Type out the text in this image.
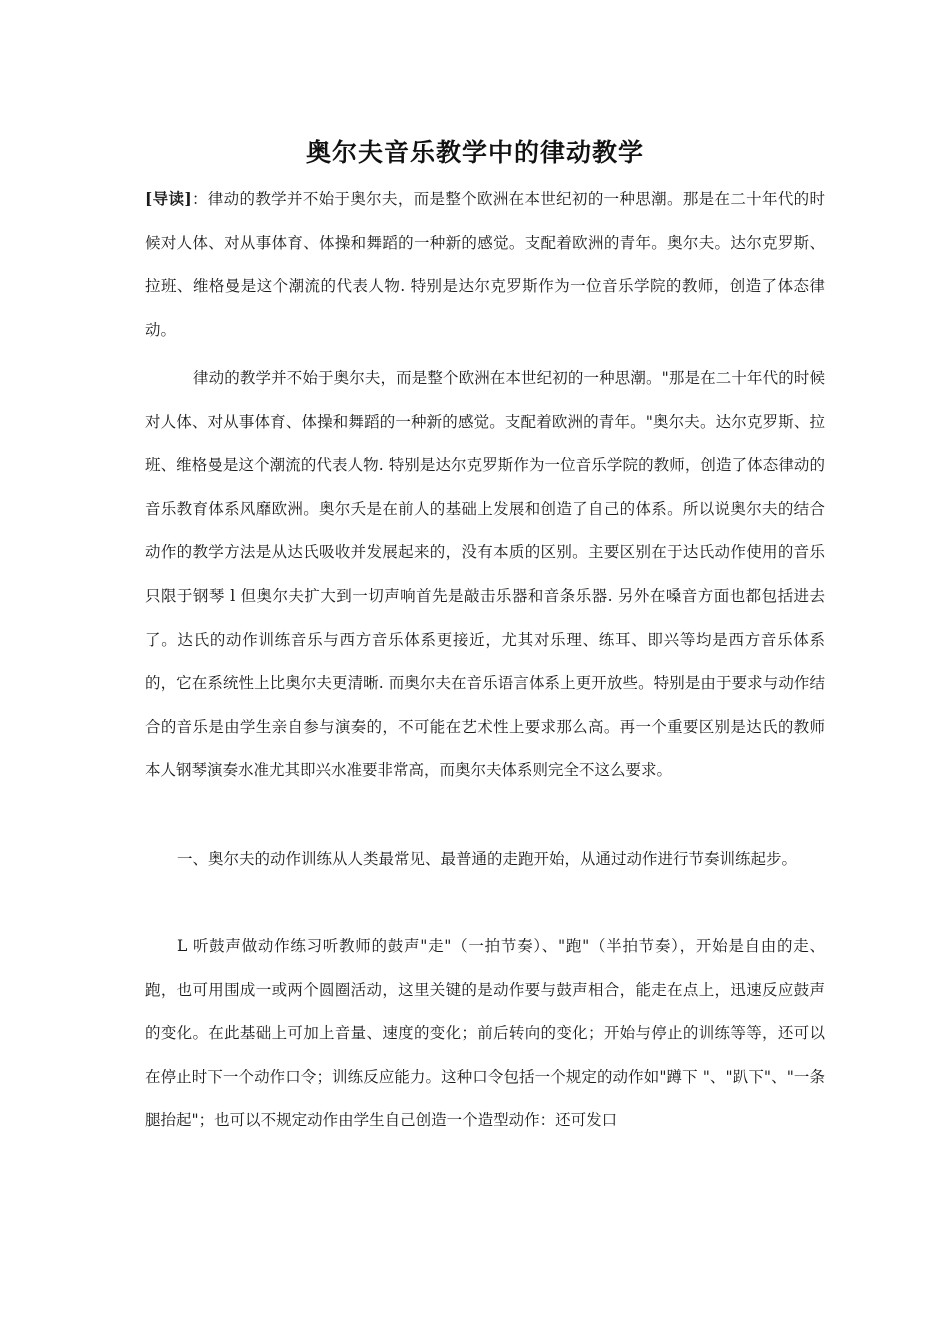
奥尔夫音乐教学中的律动教学
[导读]：律动的教学并不始于奥尔夫，而是整个欧洲在本世纪初的一种思潮。那是在二十年代的时候对人体、对从事体育、体操和舞蹈的一种新的感觉。支配着欧洲的青年。奥尔夫。达尔克罗斯、拉班、维格曼是这个潮流的代表人物. 特别是达尔克罗斯作为一位音乐学院的教师，创造了体态律动。
律动的教学并不始于奥尔夫，而是整个欧洲在本世纪初的一种思潮。"那是在二十年代的时候对人体、对从事体育、体操和舞蹈的一种新的感觉。支配着欧洲的青年。"奥尔夫。达尔克罗斯、拉班、维格曼是这个潮流的代表人物. 特别是达尔克罗斯作为一位音乐学院的教师，创造了体态律动的音乐教育体系风靡欧洲。奥尔夭是在前人的基础上发展和创造了自己的体系。所以说奥尔夫的结合动作的教学方法是从达氏吸收并发展起来的，没有本质的区别。主要区别在于达氏动作使用的音乐只限于钢琴 l 但奥尔夫扩大到一切声响首先是敲击乐器和音条乐器. 另外在嗓音方面也都包括进去了。达氏的动作训练音乐与西方音乐体系更接近，尤其对乐理、练耳、即兴等均是西方音乐体系的，它在系统性上比奥尔夫更清晰. 而奥尔夫在音乐语言体系上更开放些。特别是由于要求与动作结合的音乐是由学生亲自参与演奏的，不可能在艺术性上要求那么高。再一个重要区别是达氏的教师本人钢琴演奏水准尤其即兴水准要非常高，而奥尔夫体系则完全不这么要求。
一、奥尔夫的动作训练从人类最常见、最普通的走跑开始，从通过动作进行节奏训练起步。
L 听鼓声做动作练习听教师的鼓声"走"（一拍节奏）、"跑"（半拍节奏），开始是自由的走、跑，也可用围成一或两个圆圈活动，这里关键的是动作要与鼓声相合，能走在点上，迅速反应鼓声的变化。在此基础上可加上音量、速度的变化；前后转向的变化；开始与停止的训练等等，还可以在停止时下一个动作口令；训练反应能力。这种口令包括一个规定的动作如"蹲下 "、"趴下"、"一条腿抬起"；也可以不规定动作由学生自己创造一个造型动作：还可发口
